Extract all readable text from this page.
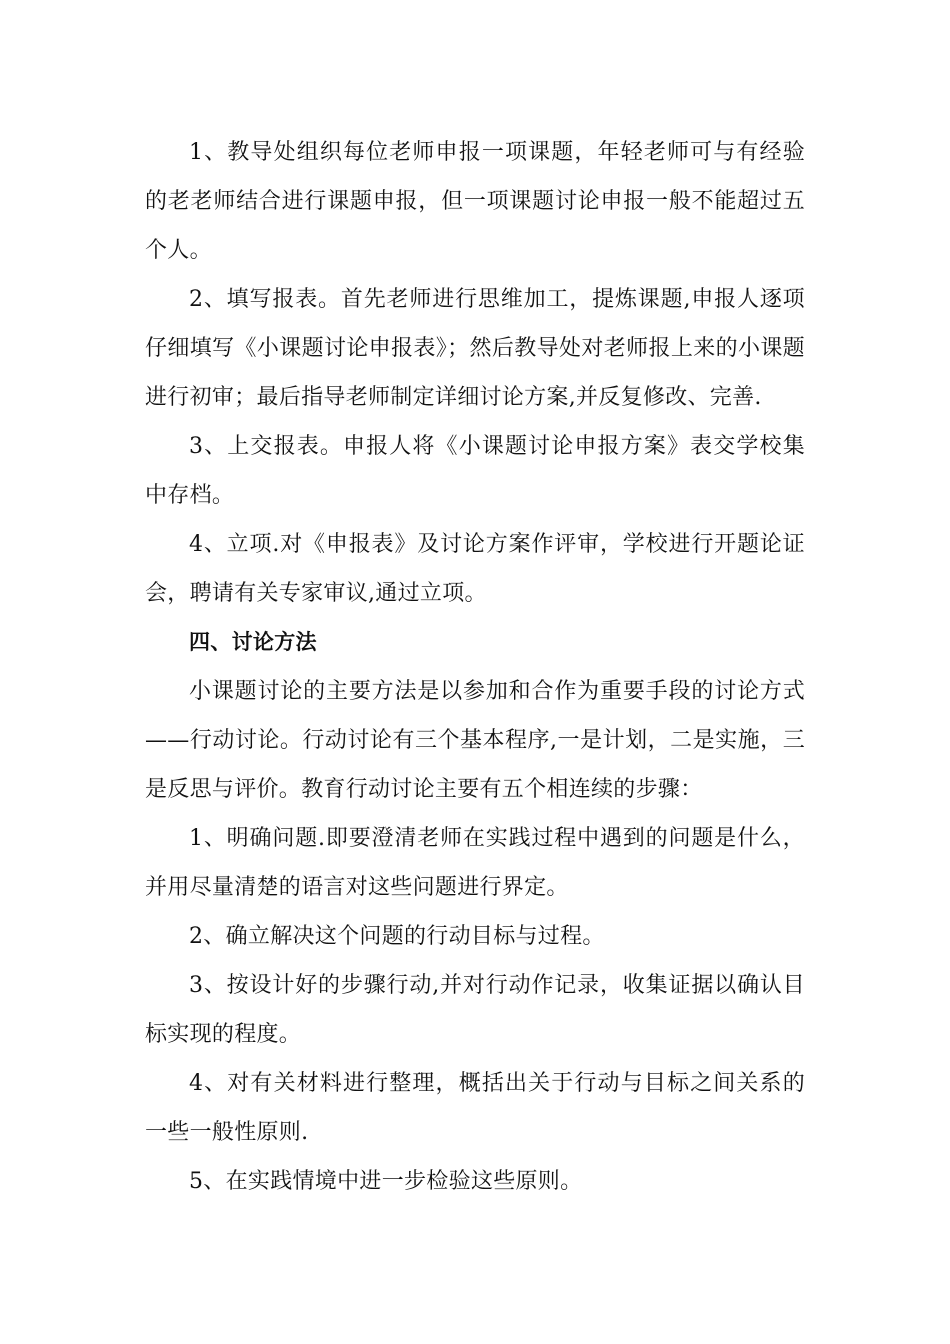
1、教导处组织每位老师申报一项课题，年轻老师可与有经验的老老师结合进行课题申报，但一项课题讨论申报一般不能超过五个人。

2、填写报表。首先老师进行思维加工，提炼课题,申报人逐项仔细填写《小课题讨论申报表》；然后教导处对老师报上来的小课题进行初审；最后指导老师制定详细讨论方案,并反复修改、完善.

3、上交报表。申报人将《小课题讨论申报方案》表交学校集中存档。

4、立项.对《申报表》及讨论方案作评审，学校进行开题论证会，聘请有关专家审议,通过立项。

四、讨论方法

小课题讨论的主要方法是以参加和合作为重要手段的讨论方式——行动讨论。行动讨论有三个基本程序,一是计划，二是实施，三是反思与评价。教育行动讨论主要有五个相连续的步骤：

1、明确问题.即要澄清老师在实践过程中遇到的问题是什么，并用尽量清楚的语言对这些问题进行界定。

2、确立解决这个问题的行动目标与过程。

3、按设计好的步骤行动,并对行动作记录，收集证据以确认目标实现的程度。

4、对有关材料进行整理，概括出关于行动与目标之间关系的一些一般性原则.

5、在实践情境中进一步检验这些原则。
